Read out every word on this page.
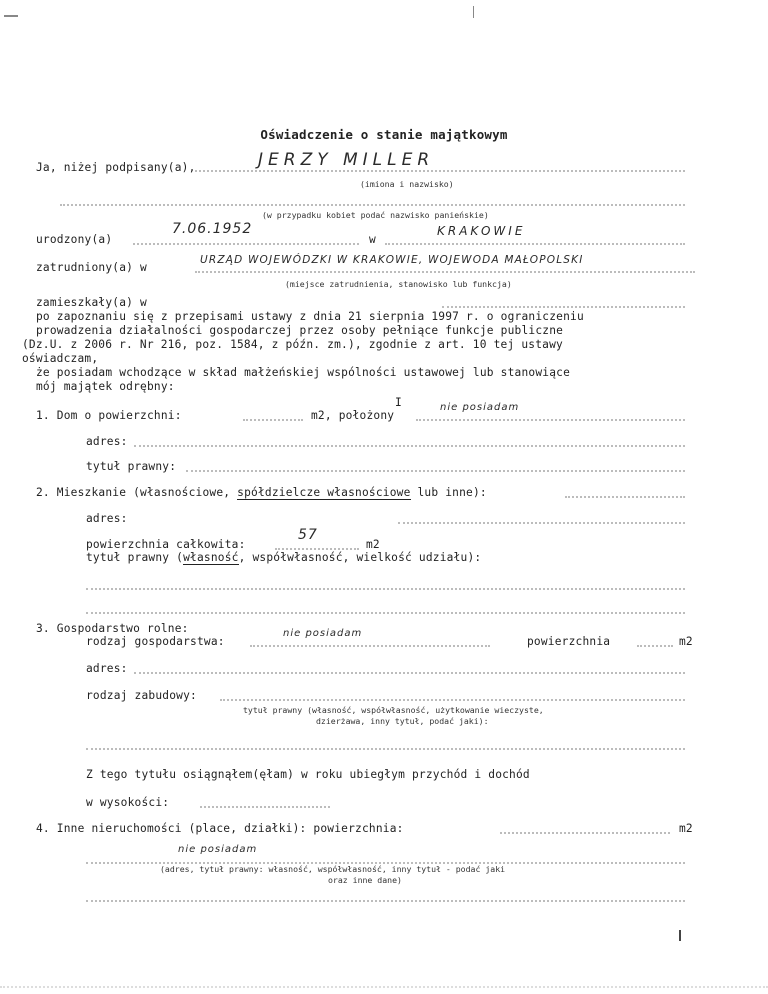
Oświadczenie o stanie majątkowym
Ja, niżej podpisany(a),	JERZY MILLER
(imiona i nazwisko)
(w przypadku kobiet podać nazwisko panieńskie)
urodzony(a)
7.06.1952
w
KRAKOWIE
zatrudniony(a) w
URZĄD WOJEWÓDZKI W KRAKOWIE, WOJEWODA MAŁOPOLSKI
(miejsce zatrudnienia, stanowisko lub funkcja)
zamieszkały(a) w
po zapoznaniu się z przepisami ustawy z dnia 21 sierpnia 1997 r. o ograniczeniu
prowadzenia działalności gospodarczej przez osoby pełniące funkcje publiczne
(Dz.U. z 2006 r. Nr 216, poz. 1584, z późn. zm.), zgodnie z art. 10 tej ustawy
oświadczam,
że posiadam wchodzące w skład małżeńskiej wspólności ustawowej lub stanowiące
mój majątek odrębny:
I
1. Dom o powierzchni:	m2, położony
nie posiadam
adres:
tytuł prawny:
2. Mieszkanie (własnościowe, spółdzielcze własnościowe lub inne):
adres:
powierzchnia całkowita:
57
m2
tytuł prawny (własność, współwłasność, wielkość udziału):
3. Gospodarstwo rolne:
rodzaj gospodarstwa:
nie posiadam
powierzchnia	m2
adres:
rodzaj zabudowy:
tytuł prawny (własność, współwłasność, użytkowanie wieczyste,
dzierżawa, inny tytuł, podać jaki):
Z tego tytułu osiągnąłem(ęłam) w roku ubiegłym przychód i dochód
w wysokości:
4. Inne nieruchomości (place, działki): powierzchnia:	m2
nie posiadam
(adres, tytuł prawny: własność, współwłasność, inny tytuł - podać jaki
oraz inne dane)
